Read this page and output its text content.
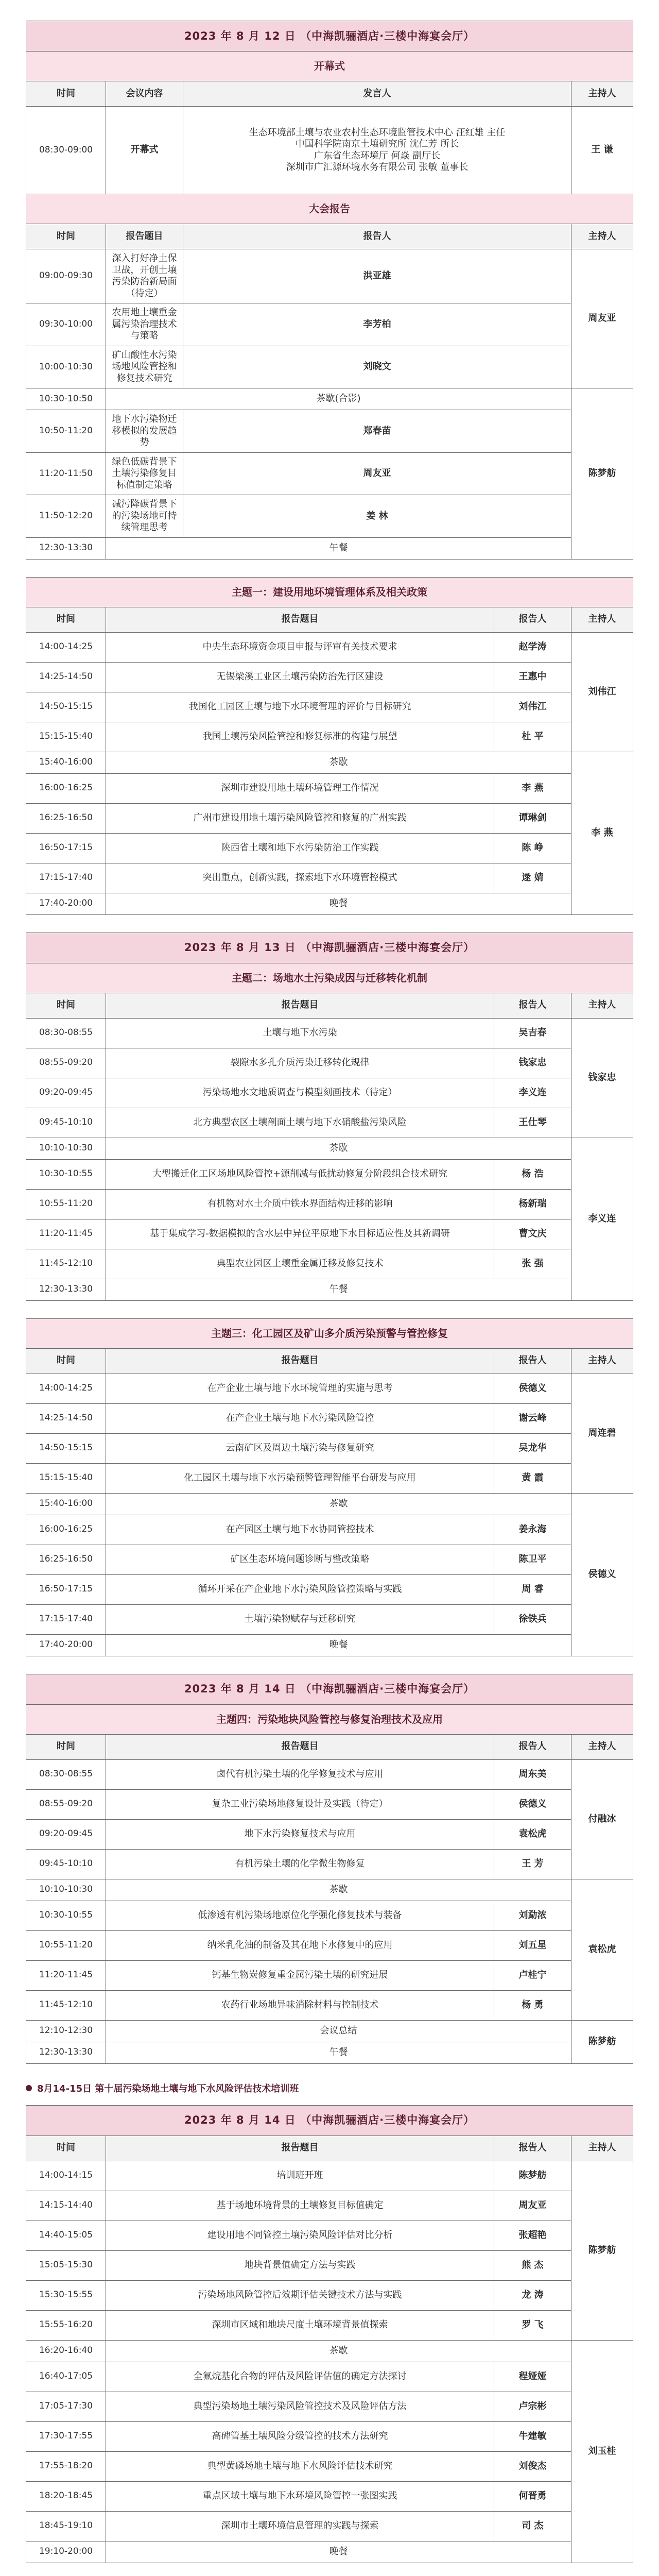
2023 年 8 月 12 日 （中海凯骊酒店·三楼中海宴会厅）			
开幕式			
时间	会议内容	发言人	主持人
08:30-09:00	开幕式	生态环境部土壤与农业农村生态环境监管技术中心 汪红雄 主任
中国科学院南京土壤研究所 沈仁芳 所长
广东省生态环境厅 何焱 副厅长
深圳市广汇源环境水务有限公司 张敏 董事长	王 谦
大会报告			
时间	报告题目	报告人	主持人
09:00-09:30	深入打好净土保卫战，开创土壤污染防治新局面（待定）	洪亚雄	周友亚
09:30-10:00	农用地土壤重金属污染治理技术与策略	李芳柏	
10:00-10:30	矿山酸性水污染场地风险管控和修复技术研究	刘晓文	
10:30-10:50	茶歇(合影)		陈梦舫
10:50-11:20	地下水污染物迁移模拟的发展趋势	郑春苗	
11:20-11:50	绿色低碳背景下土壤污染修复目标值制定策略	周友亚	
11:50-12:20	减污降碳背景下的污染场地可持续管理思考	姜 林	
12:30-13:30	午餐		
主题一：建设用地环境管理体系及相关政策			
时间	报告题目	报告人	主持人
14:00-14:25	中央生态环境资金项目申报与评审有关技术要求	赵学涛	刘伟江
14:25-14:50	无锡梁溪工业区土壤污染防治先行区建设	王惠中	
14:50-15:15	我国化工园区土壤与地下水环境管理的评价与目标研究	刘伟江	
15:15-15:40	我国土壤污染风险管控和修复标准的构建与展望	杜 平	
15:40-16:00	茶歇		李 燕
16:00-16:25	深圳市建设用地土壤环境管理工作情况	李 燕	
16:25-16:50	广州市建设用地土壤污染风险管控和修复的广州实践	谭琳剑	
16:50-17:15	陕西省土壤和地下水污染防治工作实践	陈 峥	
17:15-17:40	突出重点，创新实践，探索地下水环境管控模式	逯 婧	
17:40-20:00	晚餐		
2023 年 8 月 13 日 （中海凯骊酒店·三楼中海宴会厅）			
主题二：场地水土污染成因与迁移转化机制			
时间	报告题目	报告人	主持人
08:30-08:55	土壤与地下水污染	吴吉春	钱家忠
08:55-09:20	裂隙水多孔介质污染迁移转化规律	钱家忠	
09:20-09:45	污染场地水文地质调查与模型刻画技术（待定）	李义连	
09:45-10:10	北方典型农区土壤剖面土壤与地下水硝酸盐污染风险	王仕琴	
10:10-10:30	茶歇		李义连
10:30-10:55	大型搬迁化工区场地风险管控+源削减与低扰动修复分阶段组合技术研究	杨 浩	
10:55-11:20	有机物对水土介质中铁水界面结构迁移的影响	杨新瑞	
11:20-11:45	基于集成学习-数据模拟的含水层中异位平原地下水目标适应性及其新调研	曹文庆	
11:45-12:10	典型农业园区土壤重金属迁移及修复技术	张 强	
12:30-13:30	午餐		
主题三：化工园区及矿山多介质污染预警与管控修复			
时间	报告题目	报告人	主持人
14:00-14:25	在产企业土壤与地下水环境管理的实施与思考	侯德义	周连碧
14:25-14:50	在产企业土壤与地下水污染风险管控	谢云峰	
14:50-15:15	云南矿区及周边土壤污染与修复研究	吴龙华	
15:15-15:40	化工园区土壤与地下水污染预警管理智能平台研发与应用	黄 霞	
15:40-16:00	茶歇		侯德义
16:00-16:25	在产园区土壤与地下水协同管控技术	姜永海	
16:25-16:50	矿区生态环境问题诊断与整改策略	陈卫平	
16:50-17:15	循环开采在产企业地下水污染风险管控策略与实践	周 睿	
17:15-17:40	土壤污染物赋存与迁移研究	徐铁兵	
17:40-20:00	晚餐		
2023 年 8 月 14 日 （中海凯骊酒店·三楼中海宴会厅）			
主题四：污染地块风险管控与修复治理技术及应用			
时间	报告题目	报告人	主持人
08:30-08:55	卤代有机污染土壤的化学修复技术与应用	周东美	付融冰
08:55-09:20	复杂工业污染场地修复设计及实践（待定）	侯德义	
09:20-09:45	地下水污染修复技术与应用	袁松虎	
09:45-10:10	有机污染土壤的化学微生物修复	王 芳	
10:10-10:30	茶歇		袁松虎
10:30-10:55	低渗透有机污染场地原位化学强化修复技术与装备	刘勐浓	
10:55-11:20	纳米乳化油的制备及其在地下水修复中的应用	刘五星	
11:20-11:45	钙基生物炭修复重金属污染土壤的研究进展	卢桂宁	
11:45-12:10	农药行业场地异味消除材料与控制技术	杨 勇	
12:10-12:30	会议总结		陈梦舫
12:30-13:30	午餐		
8月14-15日 第十届污染场地土壤与地下水风险评估技术培训班
2023 年 8 月 14 日 （中海凯骊酒店·三楼中海宴会厅）			
时间	报告题目	报告人	主持人
14:00-14:15	培训班开班	陈梦舫	陈梦舫
14:15-14:40	基于场地环境背景的土壤修复目标值确定	周友亚	
14:40-15:05	建设用地不同管控土壤污染风险评估对比分析	张超艳	
15:05-15:30	地块背景值确定方法与实践	熊 杰	
15:30-15:55	污染场地风险管控后效期评估关键技术方法与实践	龙 涛	
15:55-16:20	深圳市区域和地块尺度土壤环境背景值探索	罗 飞	
16:20-16:40	茶歇		刘玉桂
16:40-17:05	全氟烷基化合物的评估及风险评估值的确定方法探讨	程娅娅	
17:05-17:30	典型污染场地土壤污染风险管控技术及风险评估方法	卢宗彬	
17:30-17:55	高碑管基土壤风险分级管控的技术方法研究	牛建敏	
17:55-18:20	典型黄磷场地土壤与地下水风险评估技术研究	刘俊杰	
18:20-18:45	重点区域土壤与地下水环境风险管控一张图实践	何晋勇	
18:45-19:10	深圳市土壤环境信息管理的实践与探索	司 杰	
19:10-20:00	晚餐		
